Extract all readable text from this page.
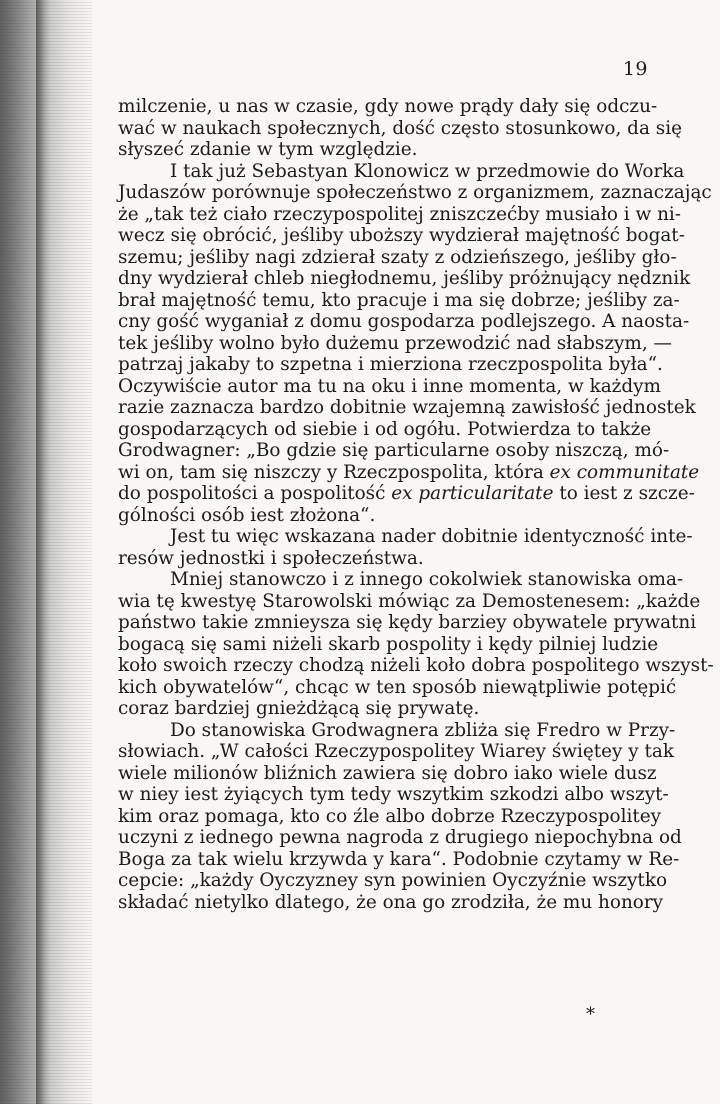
19
milczenie, u nas w czasie, gdy nowe prądy dały się odczu-
wać w naukach społecznych, dość często stosunkowo, da się
słyszeć zdanie w tym względzie.
I tak już Sebastyan Klonowicz w przedmowie do Worka
Judaszów porównuje społeczeństwo z organizmem, zaznaczając
że „tak też ciało rzeczypospolitej zniszczećby musiało i w ni-
wecz się obrócić, jeśliby uboższy wydzierał majętność bogat-
szemu; jeśliby nagi zdzierał szaty z odzieńszego, jeśliby gło-
dny wydzierał chleb niegłodnemu, jeśliby próżnujący nędznik
brał majętność temu, kto pracuje i ma się dobrze; jeśliby za-
cny gość wyganiał z domu gospodarza podlejszego. A naosta-
tek jeśliby wolno było dużemu przewodzić nad słabszym, —
patrzaj jakaby to szpetna i mierziona rzeczpospolita była“.
Oczywiście autor ma tu na oku i inne momenta, w każdym
razie zaznacza bardzo dobitnie wzajemną zawisłość jednostek
gospodarzących od siebie i od ogółu. Potwierdza to także
Grodwagner: „Bo gdzie się particularne osoby niszczą, mó-
wi on, tam się niszczy y Rzeczpospolita, która ex communitate
do pospolitości a pospolitość ex particularitate to iest z szcze-
gólności osób iest złożona“.
Jest tu więc wskazana nader dobitnie identyczność inte-
resów jednostki i społeczeństwa.
Mniej stanowczo i z innego cokolwiek stanowiska oma-
wia tę kwestyę Starowolski mówiąc za Demostenesem: „każde
państwo takie zmnieysza się kędy barziey obywatele prywatni
bogacą się sami niżeli skarb pospolity i kędy pilniej ludzie
koło swoich rzeczy chodzą niżeli koło dobra pospolitego wszyst-
kich obywatelów“, chcąc w ten sposób niewątpliwie potępić
coraz bardziej gnieżdżącą się prywatę.
Do stanowiska Grodwagnera zbliża się Fredro w Przy-
słowiach. „W całości Rzeczypospolitey Wiarey świętey y tak
wiele milionów bliźnich zawiera się dobro iako wiele dusz
w niey iest żyiących tym tedy wszytkim szkodzi albo wszyt-
kim oraz pomaga, kto co źle albo dobrze Rzeczypospolitey
uczyni z iednego pewna nagroda z drugiego niepochybna od
Boga za tak wielu krzywda y kara“. Podobnie czytamy w Re-
cepcie: „każdy Oyczyzney syn powinien Oyczyźnie wszytko
składać nietylko dlatego, że ona go zrodziła, że mu honory
*
